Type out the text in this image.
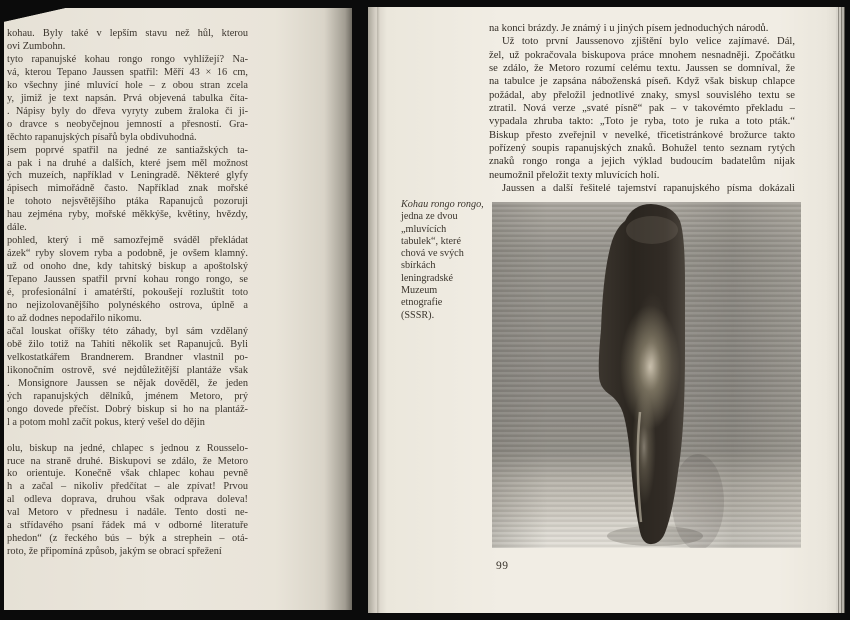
kohau. Byly také v lepším stavu než hůl, kterou
ovi Zumbohn.
tyto rapanujské kohau rongo rongo vyhlížejí? Na-
vá, kterou Tepano Jaussen spatřil: Měří 43 × 16 cm,
ko všechny jiné mluvící hole – z obou stran zcela
y, jimiž je text napsán. Prvá objevená tabulka číta-
. Nápisy byly do dřeva vyryty zubem žraloka či ji-
o dravce s neobyčejnou jemností a přesností. Gra-
těchto rapanujských písařů byla obdivuhodná.
jsem poprvé spatřil na jedné ze santiažských ta-
a pak i na druhé a dalších, které jsem měl možnost
ých muzeích, například v Leningradě. Některé glyfy
ápisech mimořádně často. Například znak mořské
le tohoto nejsvětějšího ptáka Rapanujců pozoruji
hau zejména ryby, mořské měkkýše, květiny, hvězdy,
dále.
pohled, který i mě samozřejmě sváděl překládat
ázek“ ryby slovem ryba a podobně, je ovšem klamný.
už od onoho dne, kdy tahitský biskup a apoštolský
Tepano Jaussen spatřil první kohau rongo rongo, se
é, profesionální i amatérští, pokoušejí rozluštit toto
no nejizolovanějšího polynéského ostrova, úplně a
to až dodnes nepodařilo nikomu.
ačal louskat oříšky této záhady, byl sám vzdělaný
obě žilo totiž na Tahiti několik set Rapanujců. Byli
velkostatkářem Brandnerem. Brandner vlastnil po-
likonočním ostrově, své nejdůležitější plantáže však
. Monsignore Jaussen se nějak dověděl, že jeden
ých rapanujských dělníků, jménem Metoro, prý
ongo dovede přečíst. Dobrý biskup si ho na plantáž-
l a potom mohl začít pokus, který vešel do dějin
olu, biskup na jedné, chlapec s jednou z Rousselo-
ruce na straně druhé. Biskupovi se zdálo, že Metoro
ko orientuje. Konečně však chlapec kohau pevně
h a začal – nikoliv předčítat – ale zpívat! Prvou
al odleva doprava, druhou však odprava doleva!
val Metoro v přednesu i nadále. Tento dosti ne-
a střídavého psaní řádek má v odborné literatuře
phedon“ (z řeckého bús – býk a strephein – otá-
roto, že připomíná způsob, jakým se obrací spřežení
na konci brázdy. Je známý i u jiných písem jednoduchých národů.
Už toto první Jaussenovo zjištění bylo velice zajímavé. Dál,
žel, už pokračovala biskupova práce mnohem nesnadněji. Zpočátku
se zdálo, že Metoro rozumí celému textu. Jaussen se domníval, že
na tabulce je zapsána náboženská píseň. Když však biskup chlapce
požádal, aby přeložil jednotlivé znaky, smysl souvislého textu se
ztratil. Nová verze „svaté písně“ pak – v takovémto překladu –
vypadala zhruba takto: „Toto je ryba, toto je ruka a toto pták.“
Biskup přesto zveřejnil v nevelké, třicetistránkové brožurce takto
pořízený soupis rapanujských znaků. Bohužel tento seznam rytých
znaků rongo ronga a jejich výklad budoucím badatelům nijak
neumožnil přeložit texty mluvících holí.
Jaussen a další řešitelé tajemství rapanujského písma dokázali
Kohau rongo rongo,
jedna ze dvou
„mluvících
tabulek“, které
chová ve svých
sbírkách
leningradské
Muzeum
etnografie
(SSSR).
99
